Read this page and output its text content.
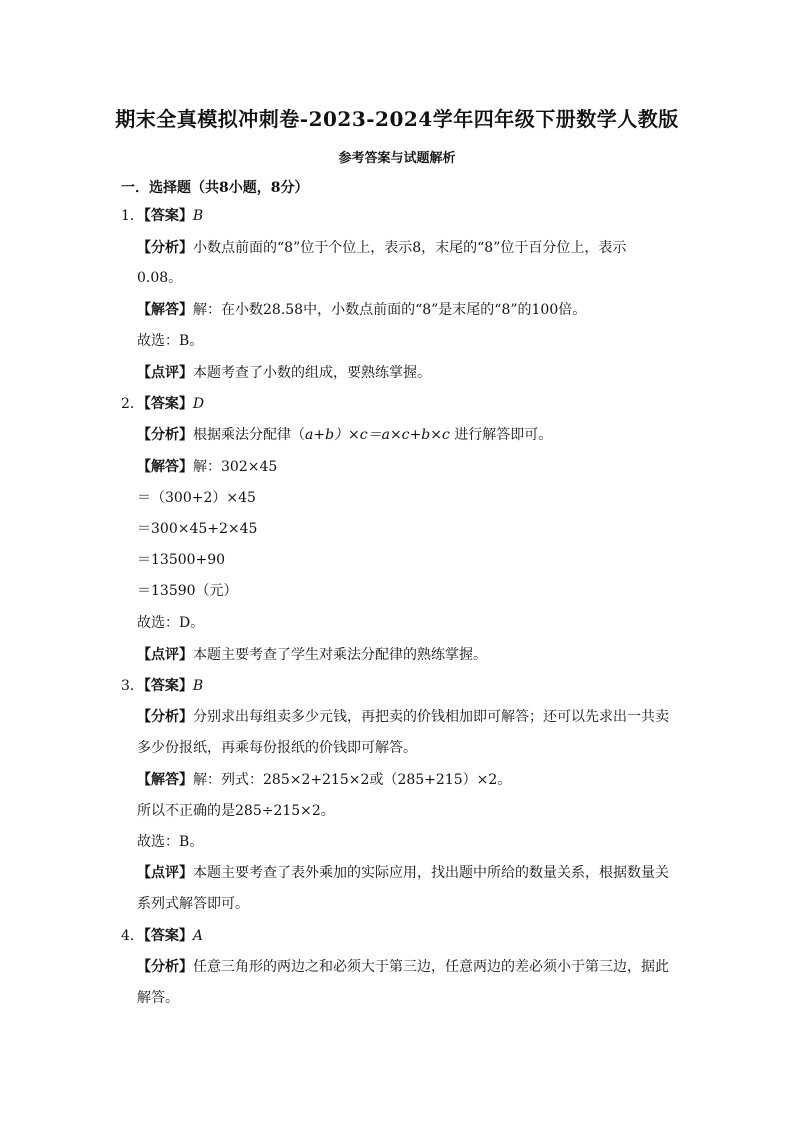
期末全真模拟冲刺卷-2023-2024学年四年级下册数学人教版
参考答案与试题解析
一．选择题（共8小题，8分）
1．【答案】B
【分析】小数点前面的“8”位于个位上，表示8，末尾的“8”位于百分位上，表示
0.08。
【解答】解：在小数28.58中，小数点前面的“8”是末尾的“8”的100倍。
故选：B。
【点评】本题考查了小数的组成，要熟练掌握。
2．【答案】D
【分析】根据乘法分配律（a+b）×c＝a×c+b×c 进行解答即可。
【解答】解：302×45
＝（300+2）×45
＝300×45+2×45
＝13500+90
＝13590（元）
故选：D。
【点评】本题主要考查了学生对乘法分配律的熟练掌握。
3．【答案】B
【分析】分别求出每组卖多少元钱，再把卖的价钱相加即可解答；还可以先求出一共卖
多少份报纸，再乘每份报纸的价钱即可解答。
【解答】解：列式：285×2+215×2或（285+215）×2。
所以不正确的是285÷215×2。
故选：B。
【点评】本题主要考查了表外乘加的实际应用，找出题中所给的数量关系，根据数量关
系列式解答即可。
4．【答案】A
【分析】任意三角形的两边之和必须大于第三边，任意两边的差必须小于第三边，据此
解答。
